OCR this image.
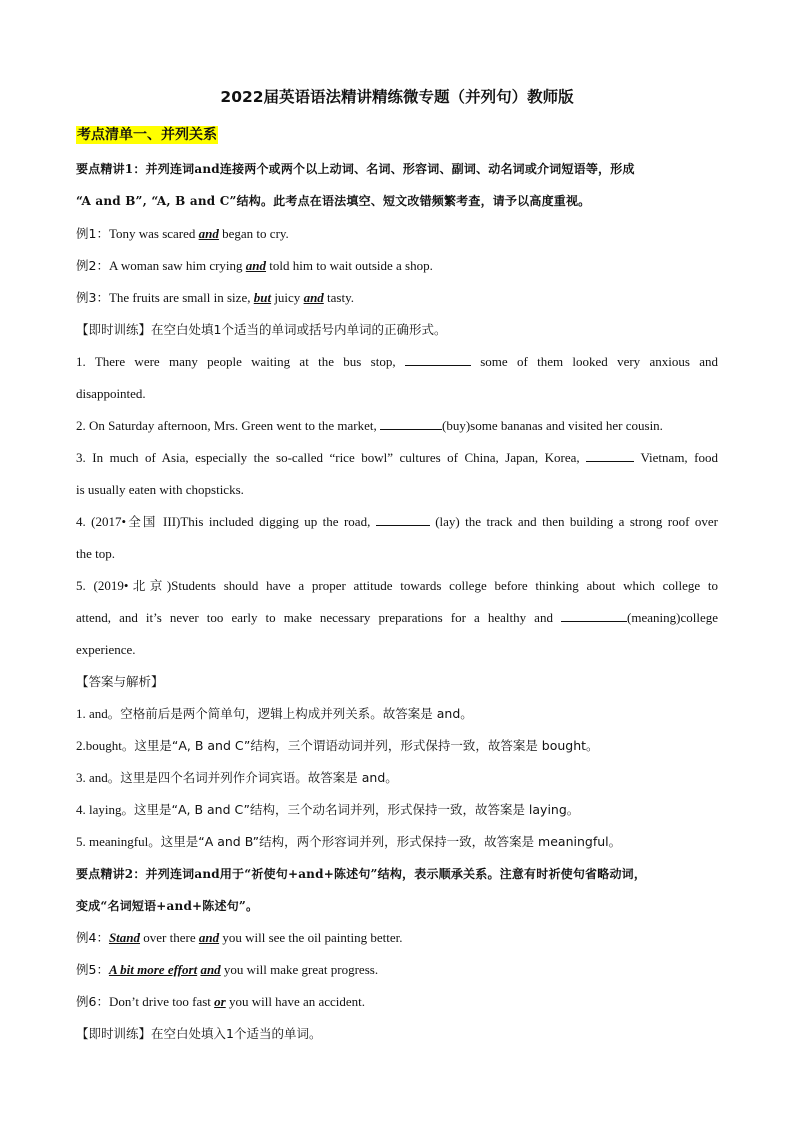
2022届英语语法精讲精练微专题（并列句）教师版
考点清单一、并列关系
要点精讲1：并列连词and连接两个或两个以上动词、名词、形容词、副词、动名词或介词短语等，形成
“A and B”, “A, B and C”结构。此考点在语法填空、短文改错频繁考查，请予以高度重视。
例1：Tony was scared and began to cry.
例2：A woman saw him crying and told him to wait outside a shop.
例3：The fruits are small in size, but juicy and tasty.
【即时训练】在空白处填1个适当的单词或括号内单词的正确形式。
1. There were many people waiting at the bus stop,	some of them looked very anxious and
disappointed.
2. On Saturday afternoon, Mrs. Green went to the market,	(buy)some bananas and visited her cousin.
3. In much of Asia, especially the so-called “rice bowl” cultures of China, Japan, Korea,	Vietnam, food
is usually eaten with chopsticks.
4. (2017•全国 III)This included digging up the road,	(lay) the track and then building a strong roof over
the top.
5. (2019•北京)Students should have a proper attitude towards college before thinking about which college to
attend, and it’s never too early to make necessary preparations for a healthy and	(meaning)college
experience.
【答案与解析】
1. and。空格前后是两个简单句，逻辑上构成并列关系。故答案是 and。
2.bought。这里是“A, B and C”结构，三个谓语动词并列，形式保持一致，故答案是 bought。
3. and。这里是四个名词并列作介词宾语。故答案是 and。
4. laying。这里是“A, B and C”结构，三个动名词并列，形式保持一致，故答案是 laying。
5. meaningful。这里是“A and B”结构，两个形容词并列，形式保持一致，故答案是 meaningful。
要点精讲2：并列连词and用于“祈使句+and+陈述句”结构，表示顺承关系。注意有时祈使句省略动词，
变成“名词短语+and+陈述句”。
例4：Stand over there and you will see the oil painting better.
例5：A bit more effort and you will make great progress.
例6：Don’t drive too fast or you will have an accident.
【即时训练】在空白处填入1个适当的单词。
